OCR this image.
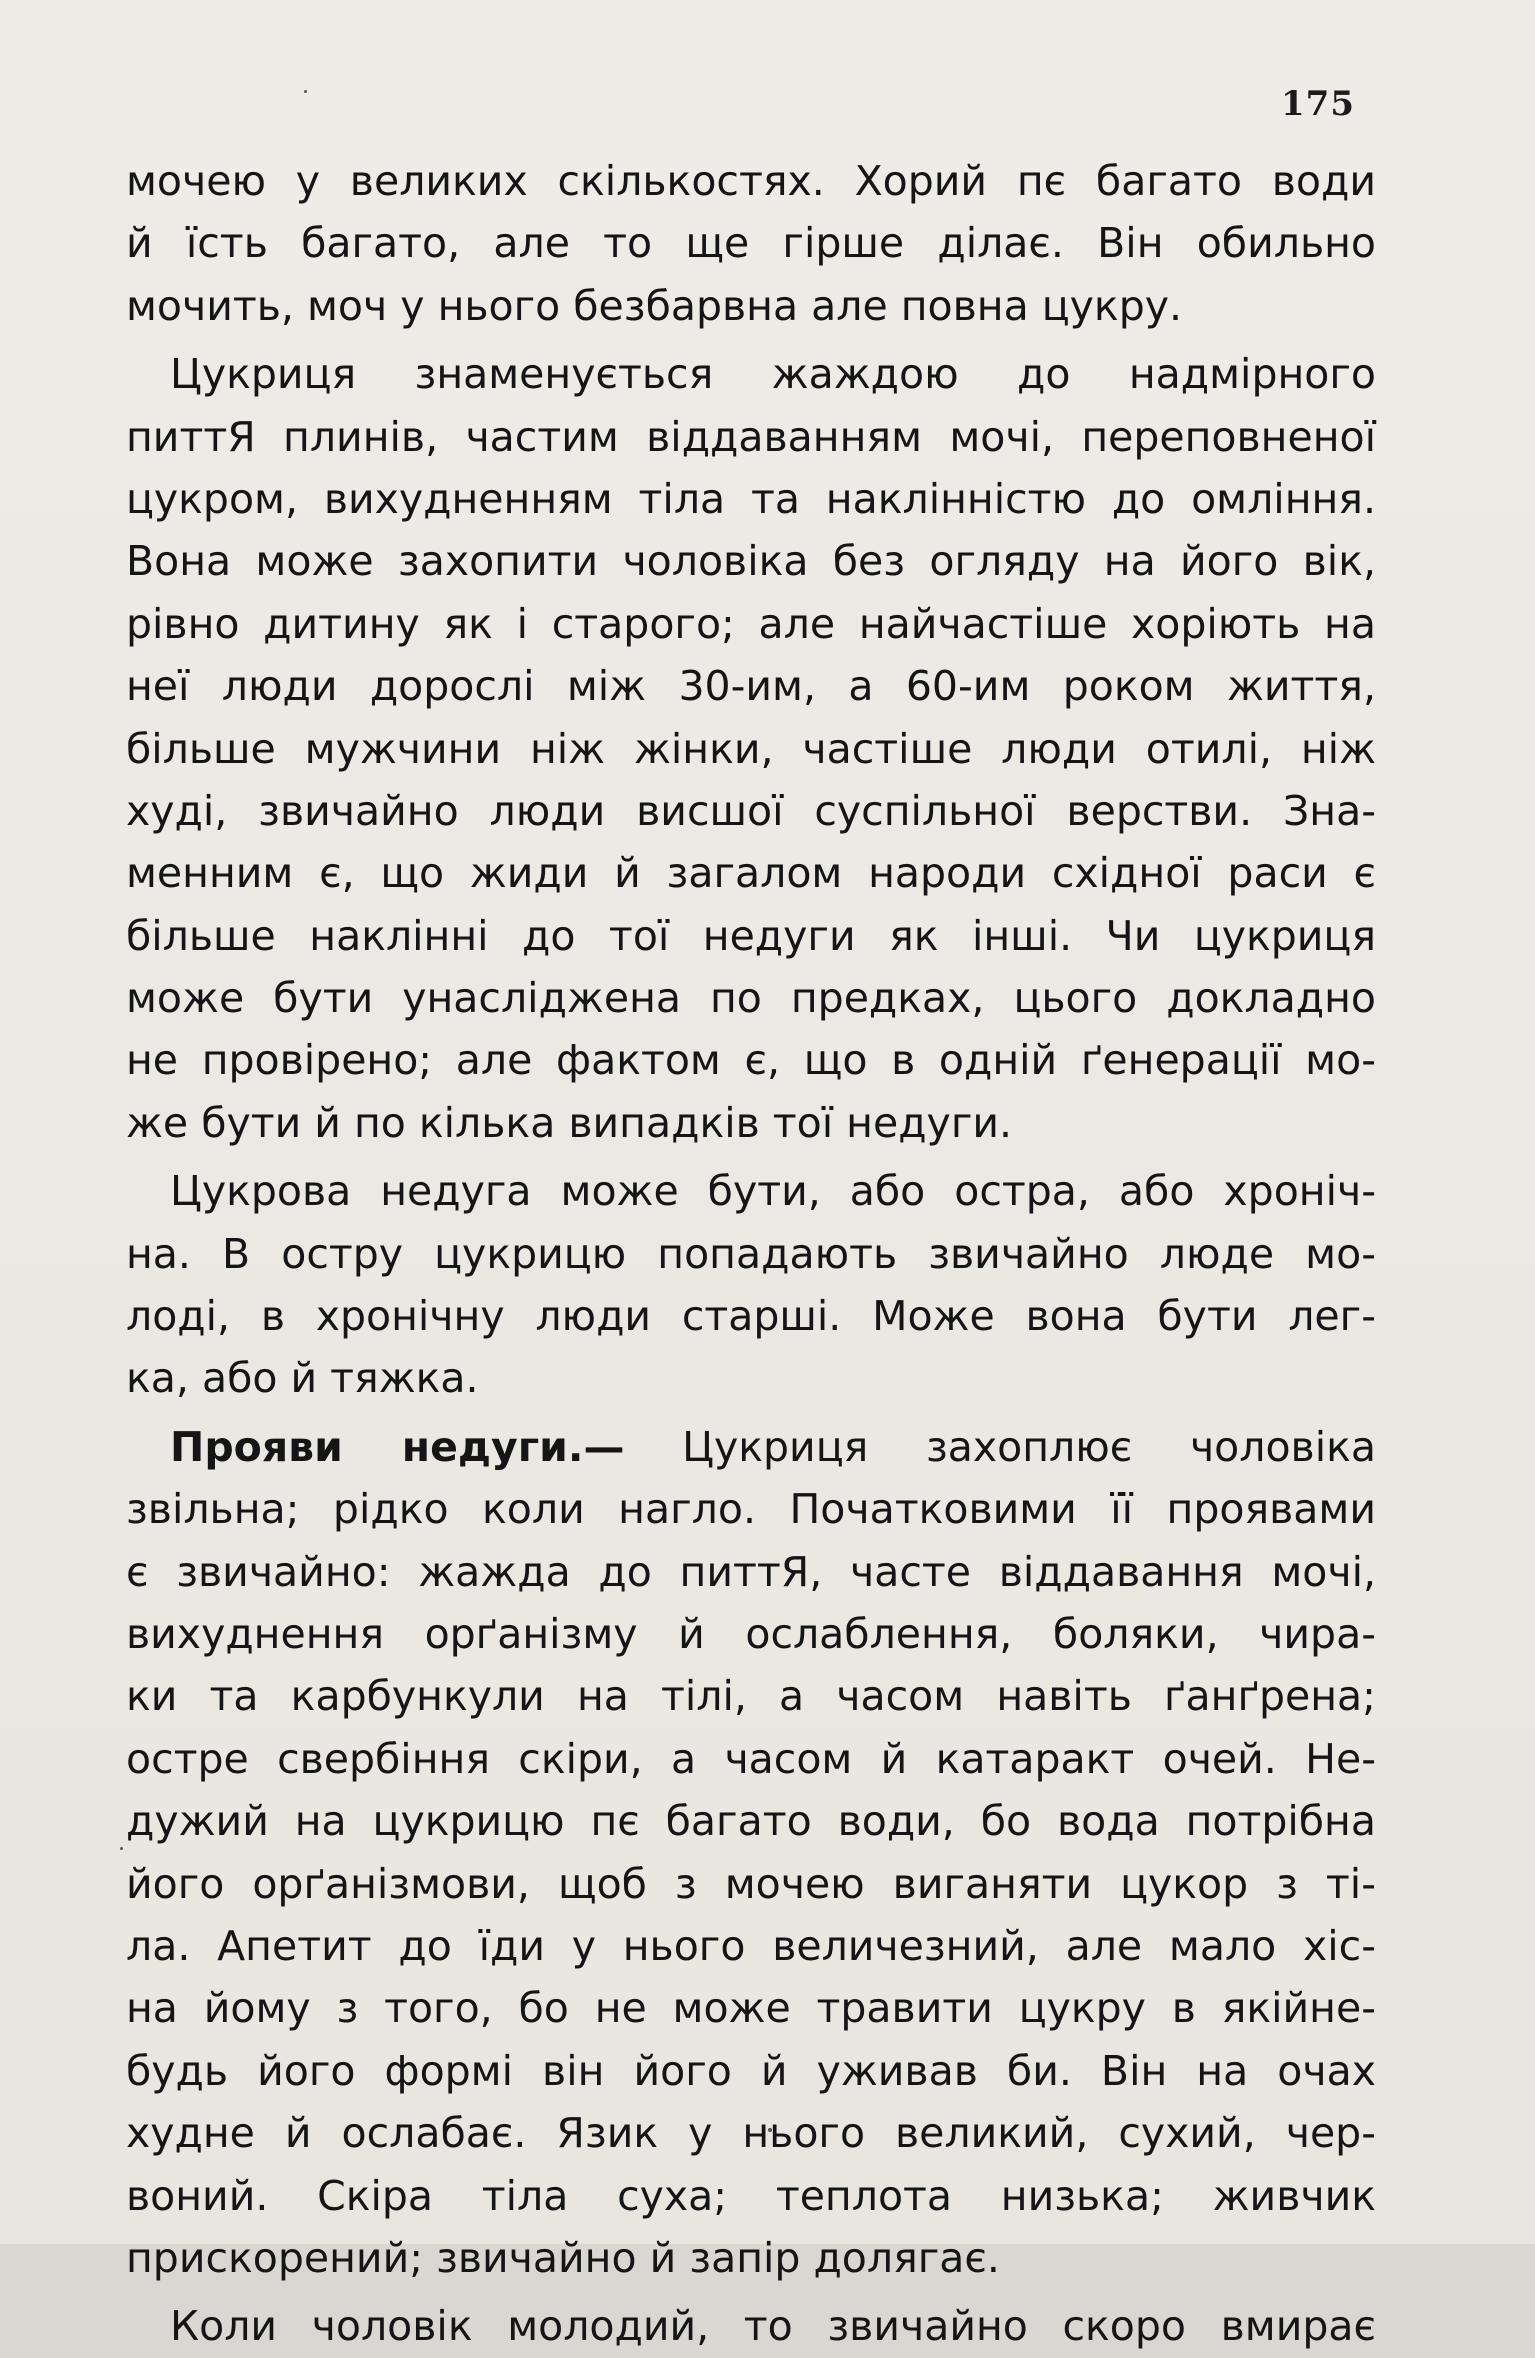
175
мочею у великих скількостях. Хорий пє багато води
й їсть багато, але то ще гірше ділає. Він обильно
мочить, моч у нього безбарвна але повна цукру.
Цукриця знаменується жаждою до надмірного
питтЯ плинів, частим віддаванням мочі, переповненої
цукром, вихудненням тіла та наклінністю до омління.
Вона може захопити чоловіка без огляду на його вік,
рівно дитину як і старого; але найчастіше хоріють на
неї люди дорослі між 30-им, а 60-им роком життя,
більше мужчини ніж жінки, частіше люди отилі, ніж
худі, звичайно люди висшої суспільної верстви. Зна-
менним є, що жиди й загалом народи східної раси є
більше наклінні до тої недуги як інші. Чи цукриця
може бути унасліджена по предках, цього докладно
не провірено; але фактом є, що в одній ґенерації мо-
же бути й по кілька випадків тої недуги.
Цукрова недуга може бути, або остра, або хроніч-
на. В остру цукрицю попадають звичайно люде мо-
лоді, в хронічну люди старші. Може вона бути лег-
ка, або й тяжка.
Прояви недуги.— Цукриця захоплює чоловіка
звільна; рідко коли нагло. Початковими її проявами
є звичайно: жажда до питтЯ, часте віддавання мочі,
вихуднення орґанізму й ослаблення, боляки, чира-
ки та карбункули на тілі, а часом навіть ґанґрена;
остре свербіння скіри, а часом й катаракт очей. Не-
дужий на цукрицю пє багато води, бо вода потрібна
його орґанізмови, щоб з мочею виганяти цукор з ті-
ла. Апетит до їди у нього величезний, але мало хіс-
на йому з того, бо не може травити цукру в якійне-
будь його формі він його й уживав би. Він на очах
худне й ослабає. Язик у нього великий, сухий, чер-
воний. Скіра тіла суха; теплота низька; живчик
прискорений; звичайно й запір долягає.
Коли чоловік молодий, то звичайно скоро вмирає
